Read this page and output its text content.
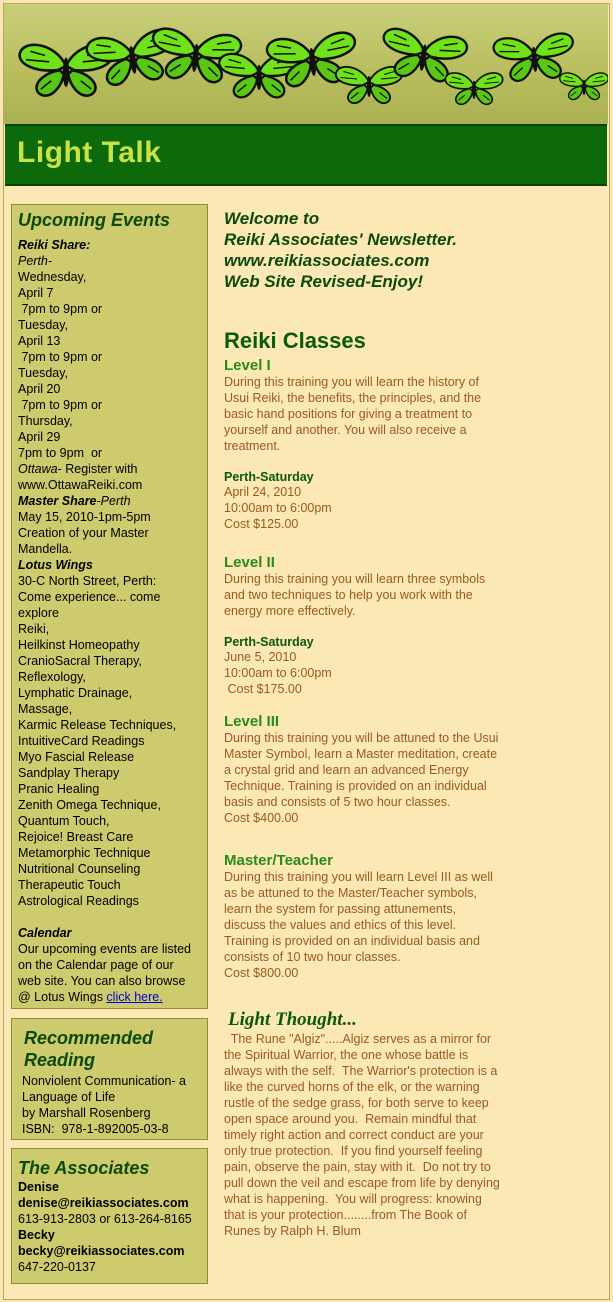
Light Talk
Upcoming Events
Reiki Share:
Perth-
Wednesday,
April 7
7pm to 9pm or
Tuesday,
April 13
7pm to 9pm or
Tuesday,
April 20
7pm to 9pm or
Thursday,
April 29
7pm to 9pm  or
Ottawa- Register with
www.OttawaReiki.com
Master Share-Perth
May 15, 2010-1pm-5pm
Creation of your Master
Mandella.
Lotus Wings
30-C North Street, Perth:
Come experience... come
explore
Reiki,
Heilkinst Homeopathy
CranioSacral Therapy,
Reflexology,
Lymphatic Drainage,
Massage,
Karmic Release Techniques,
IntuitiveCard Readings
Myo Fascial Release
Sandplay Therapy
Pranic Healing
Zenith Omega Technique,
Quantum Touch,
Rejoice! Breast Care
Metamorphic Technique
Nutritional Counseling
Therapeutic Touch
Astrological Readings
Calendar
Our upcoming events are listed
on the Calendar page of our
web site. You can also browse
@ Lotus Wings click here.
Recommended
Reading
Nonviolent Communication- a
Language of Life
by Marshall Rosenberg
ISBN:  978-1-892005-03-8
The Associates
Denise
denise@reikiassociates.com
613-913-2803 or 613-264-8165
Becky
becky@reikiassociates.com
647-220-0137
Welcome to
Reiki Associates' Newsletter.
www.reikiassociates.com
Web Site Revised-Enjoy!
Reiki Classes
Level I
During this training you will learn the history of
Usui Reiki, the benefits, the principles, and the
basic hand positions for giving a treatment to
yourself and another. You will also receive a
treatment.
Perth-Saturday
April 24, 2010
10:00am to 6:00pm
Cost $125.00
Level II
During this training you will learn three symbols
and two techniques to help you work with the
energy more effectively.
Perth-Saturday
June 5, 2010
10:00am to 6:00pm
Cost $175.00
Level III
During this training you will be attuned to the Usui
Master Symbol, learn a Master meditation, create
a crystal grid and learn an advanced Energy
Technique. Training is provided on an individual
basis and consists of 5 two hour classes.
Cost $400.00
Master/Teacher
During this training you will learn Level III as well
as be attuned to the Master/Teacher symbols,
learn the system for passing attunements,
discuss the values and ethics of this level.
Training is provided on an individual basis and
consists of 10 two hour classes.
Cost $800.00
Light Thought...
The Rune "Algiz".....Algiz serves as a mirror for
the Spiritual Warrior, the one whose battle is
always with the self.  The Warrior's protection is a
like the curved horns of the elk, or the warning
rustle of the sedge grass, for both serve to keep
open space around you.  Remain mindful that
timely right action and correct conduct are your
only true protection.  If you find yourself feeling
pain, observe the pain, stay with it.  Do not try to
pull down the veil and escape from life by denying
what is happening.  You will progress: knowing
that is your protection........from The Book of
Runes by Ralph H. Blum
